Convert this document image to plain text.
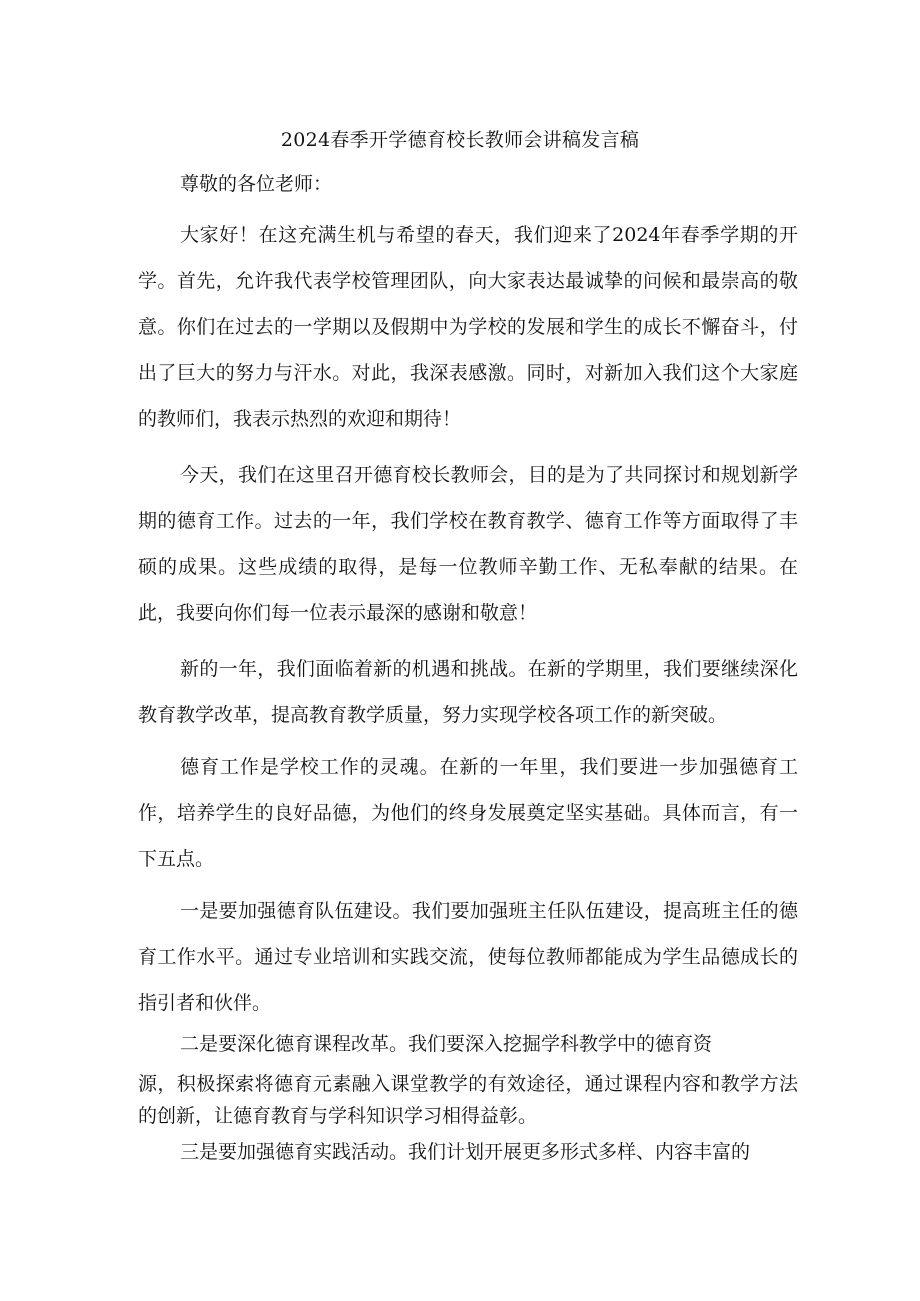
2024春季开学德育校长教师会讲稿发言稿
尊敬的各位老师：

大家好！在这充满生机与希望的春天，我们迎来了2024年春季学期的开学。首先，允许我代表学校管理团队，向大家表达最诚挚的问候和最崇高的敬意。你们在过去的一学期以及假期中为学校的发展和学生的成长不懈奋斗，付出了巨大的努力与汗水。对此，我深表感激。同时，对新加入我们这个大家庭的教师们，我表示热烈的欢迎和期待！

今天，我们在这里召开德育校长教师会，目的是为了共同探讨和规划新学期的德育工作。过去的一年，我们学校在教育教学、德育工作等方面取得了丰硕的成果。这些成绩的取得，是每一位教师辛勤工作、无私奉献的结果。在此，我要向你们每一位表示最深的感谢和敬意！

新的一年，我们面临着新的机遇和挑战。在新的学期里，我们要继续深化教育教学改革，提高教育教学质量，努力实现学校各项工作的新突破。

德育工作是学校工作的灵魂。在新的一年里，我们要进一步加强德育工作，培养学生的良好品德，为他们的终身发展奠定坚实基础。具体而言，有一下五点。

一是要加强德育队伍建设。我们要加强班主任队伍建设，提高班主任的德育工作水平。通过专业培训和实践交流，使每位教师都能成为学生品德成长的指引者和伙伴。

二是要深化德育课程改革。我们要深入挖掘学科教学中的德育资

源，积极探索将德育元素融入课堂教学的有效途径，通过课程内容和教学方法的创新，让德育教育与学科知识学习相得益彰。

三是要加强德育实践活动。我们计划开展更多形式多样、内容丰富的
